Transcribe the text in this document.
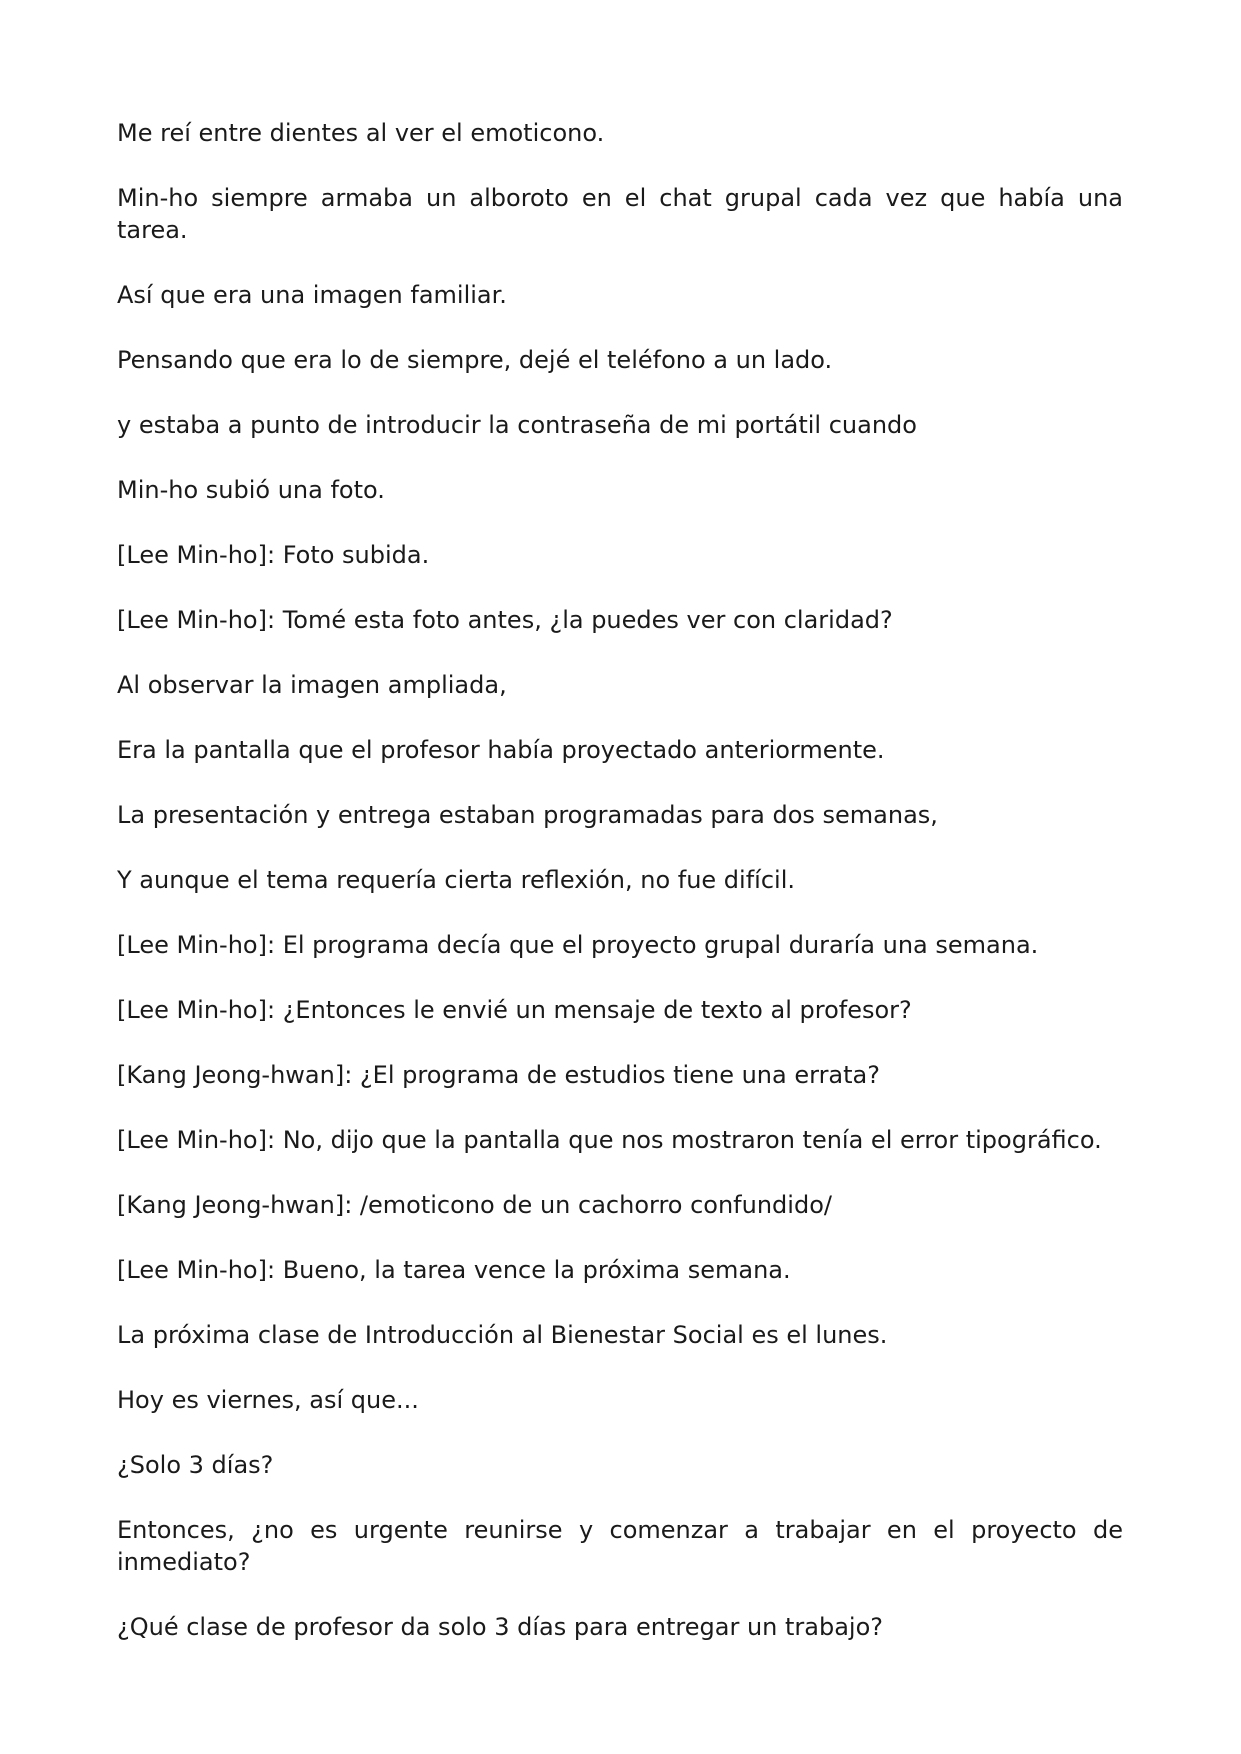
Me reí entre dientes al ver el emoticono.

Min-ho siempre armaba un alboroto en el chat grupal cada vez que había una tarea.

Así que era una imagen familiar.

Pensando que era lo de siempre, dejé el teléfono a un lado.

y estaba a punto de introducir la contraseña de mi portátil cuando

Min-ho subió una foto.

[Lee Min-ho]: Foto subida.

[Lee Min-ho]: Tomé esta foto antes, ¿la puedes ver con claridad?

Al observar la imagen ampliada,

Era la pantalla que el profesor había proyectado anteriormente.

La presentación y entrega estaban programadas para dos semanas,

Y aunque el tema requería cierta reflexión, no fue difícil.

[Lee Min-ho]: El programa decía que el proyecto grupal duraría una semana.

[Lee Min-ho]: ¿Entonces le envié un mensaje de texto al profesor?

[Kang Jeong-hwan]: ¿El programa de estudios tiene una errata?

[Lee Min-ho]: No, dijo que la pantalla que nos mostraron tenía el error tipográfico.

[Kang Jeong-hwan]: /emoticono de un cachorro confundido/

[Lee Min-ho]: Bueno, la tarea vence la próxima semana.

La próxima clase de Introducción al Bienestar Social es el lunes.

Hoy es viernes, así que...

¿Solo 3 días?

Entonces, ¿no es urgente reunirse y comenzar a trabajar en el proyecto de inmediato?

¿Qué clase de profesor da solo 3 días para entregar un trabajo?
